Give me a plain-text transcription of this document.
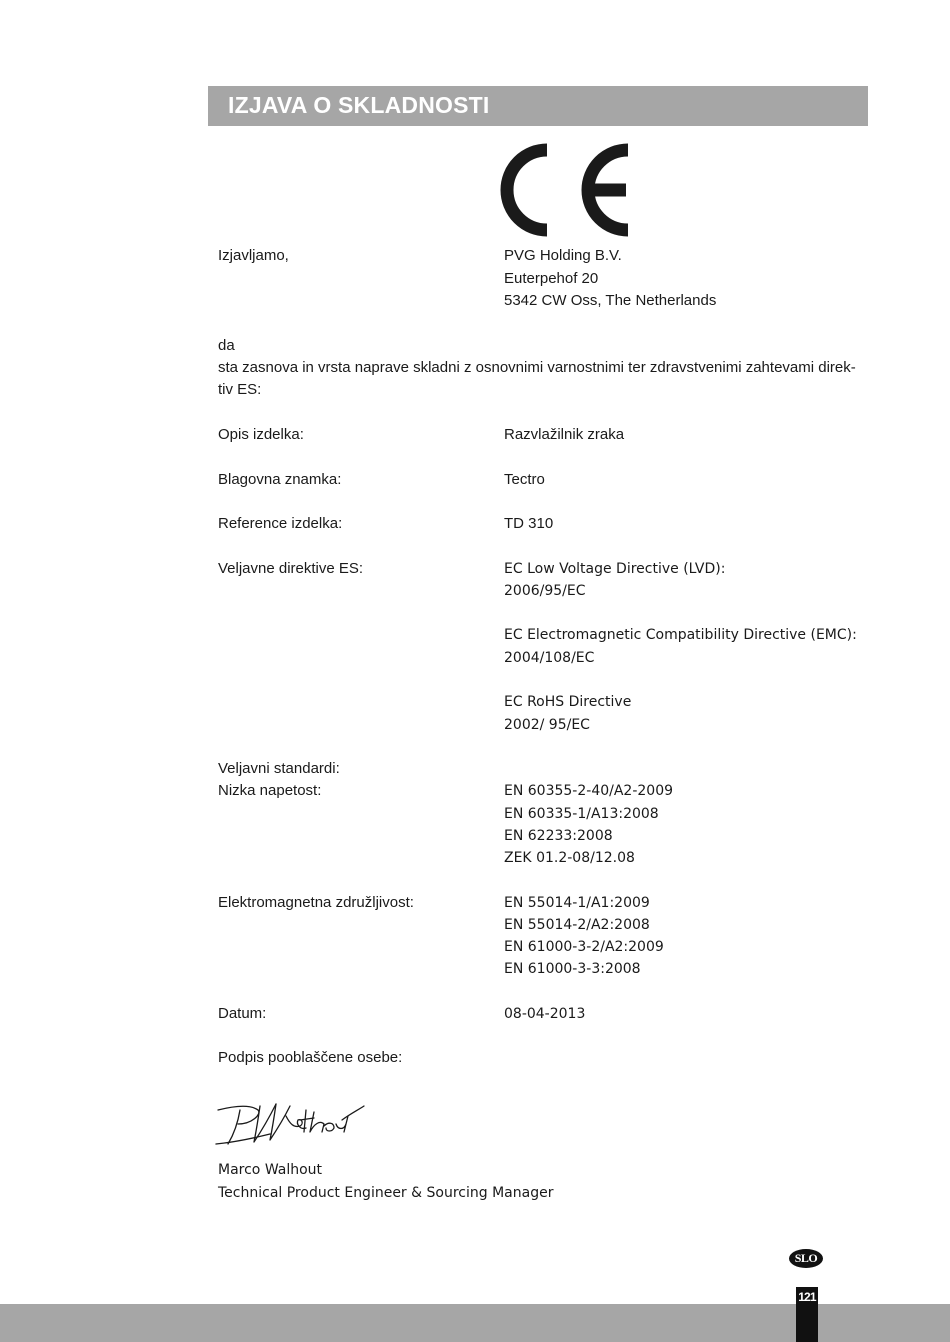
IZJAVA O SKLADNOSTI
Izjavljamo,	PVG Holding B.V.
Euterpehof 20
5342 CW Oss, The Netherlands
da
sta zasnova in vrsta naprave skladni z osnovnimi varnostnimi ter zdravstvenimi zahtevami direk-tiv ES:
Opis izdelka:	Razvlažilnik zraka
Blagovna znamka:	Tectro
Reference izdelka:	TD 310
Veljavne direktive ES:	EC Low Voltage Directive (LVD):
2006/95/EC
EC Electromagnetic Compatibility Directive (EMC):
2004/108/EC
EC RoHS Directive
2002/ 95/EC
Veljavni standardi:
Nizka napetost:	EN 60355-2-40/A2-2009
EN 60335-1/A13:2008
EN 62233:2008
ZEK 01.2-08/12.08
Elektromagnetna združljivost:	EN 55014-1/A1:2009
EN 55014-2/A2:2008
EN 61000-3-2/A2:2009
EN 61000-3-3:2008
Datum:	08-04-2013
Podpis pooblaščene osebe:
Marco Walhout
Technical Product Engineer & Sourcing Manager
SLO
121
